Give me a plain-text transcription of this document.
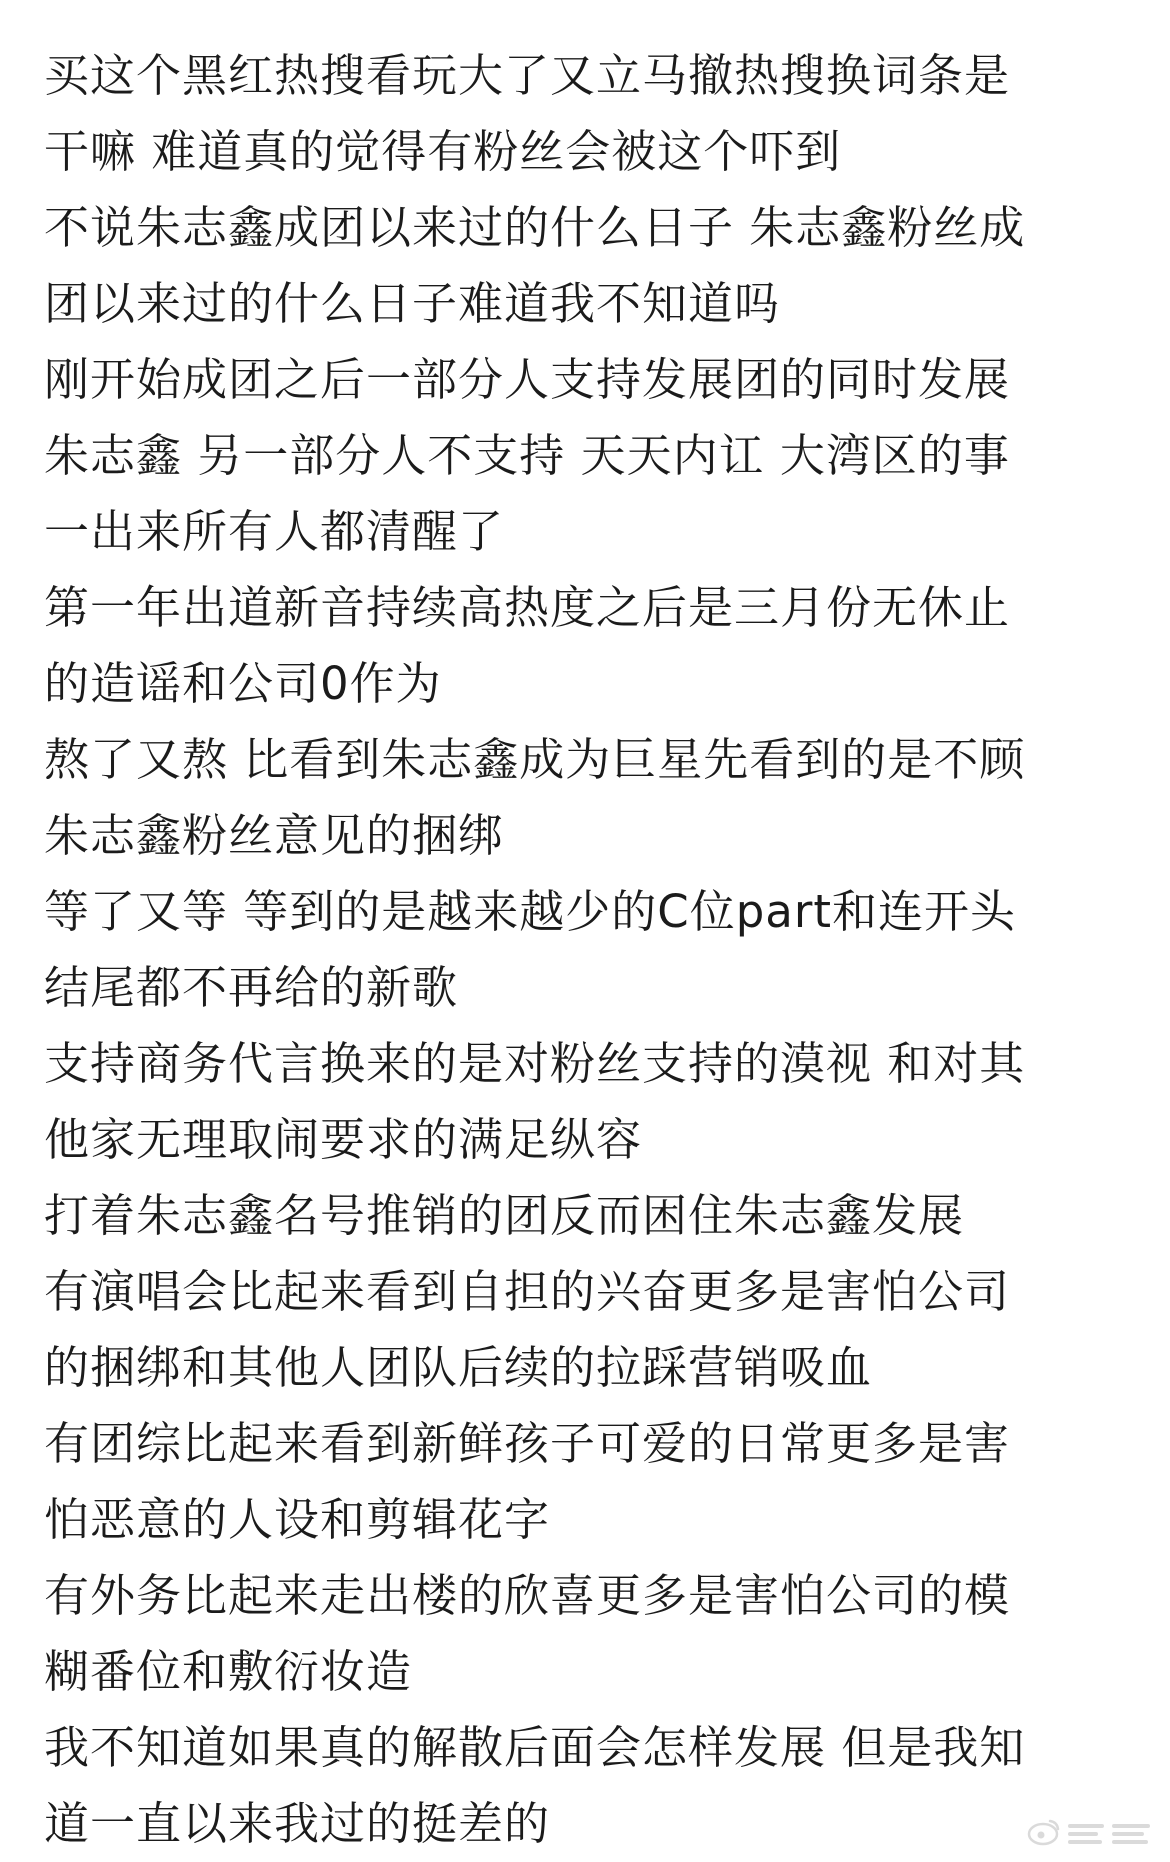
买这个黑红热搜看玩大了又立马撤热搜换词条是
干嘛 难道真的觉得有粉丝会被这个吓到
不说朱志鑫成团以来过的什么日子 朱志鑫粉丝成
团以来过的什么日子难道我不知道吗
刚开始成团之后一部分人支持发展团的同时发展
朱志鑫 另一部分人不支持 天天内讧 大湾区的事
一出来所有人都清醒了
第一年出道新音持续高热度之后是三月份无休止
的造谣和公司0作为
熬了又熬 比看到朱志鑫成为巨星先看到的是不顾
朱志鑫粉丝意见的捆绑
等了又等 等到的是越来越少的C位part和连开头
结尾都不再给的新歌
支持商务代言换来的是对粉丝支持的漠视 和对其
他家无理取闹要求的满足纵容
打着朱志鑫名号推销的团反而困住朱志鑫发展
有演唱会比起来看到自担的兴奋更多是害怕公司
的捆绑和其他人团队后续的拉踩营销吸血
有团综比起来看到新鲜孩子可爱的日常更多是害
怕恶意的人设和剪辑花字
有外务比起来走出楼的欣喜更多是害怕公司的模
糊番位和敷衍妆造
我不知道如果真的解散后面会怎样发展 但是我知
道一直以来我过的挺差的
